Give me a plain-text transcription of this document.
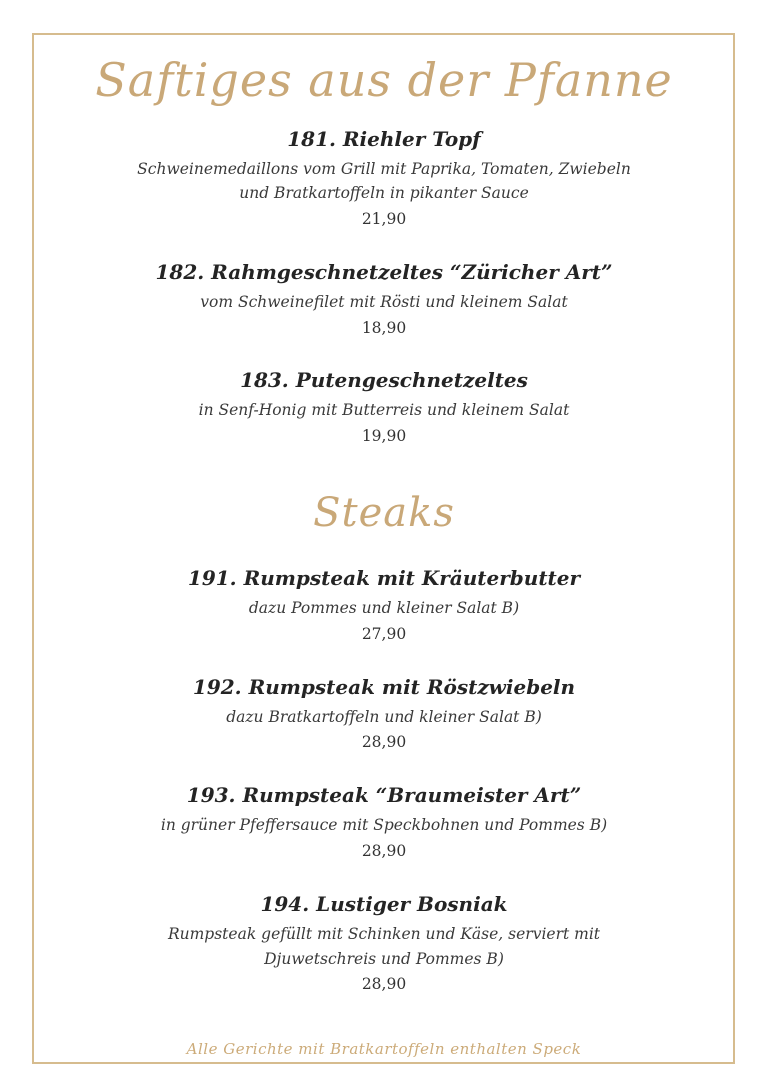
Saftiges aus der Pfanne
181. Riehler Topf
Schweinemedaillons vom Grill mit Paprika, Tomaten, Zwiebeln
und Bratkartoffeln in pikanter Sauce
21,90
182. Rahmgeschnetzeltes “Züricher Art”
vom Schweinefilet mit Rösti und kleinem Salat
18,90
183. Putengeschnetzeltes
in Senf-Honig mit Butterreis und kleinem Salat
19,90
Steaks
191. Rumpsteak mit Kräuterbutter
dazu Pommes und kleiner Salat B)
27,90
192. Rumpsteak mit Röstzwiebeln
dazu Bratkartoffeln und kleiner Salat B)
28,90
193. Rumpsteak “Braumeister Art”
in grüner Pfeffersauce mit Speckbohnen und Pommes B)
28,90
194. Lustiger Bosniak
Rumpsteak gefüllt mit Schinken und Käse, serviert mit
Djuwetschreis und Pommes B)
28,90
Alle Gerichte mit Bratkartoffeln enthalten Speck
